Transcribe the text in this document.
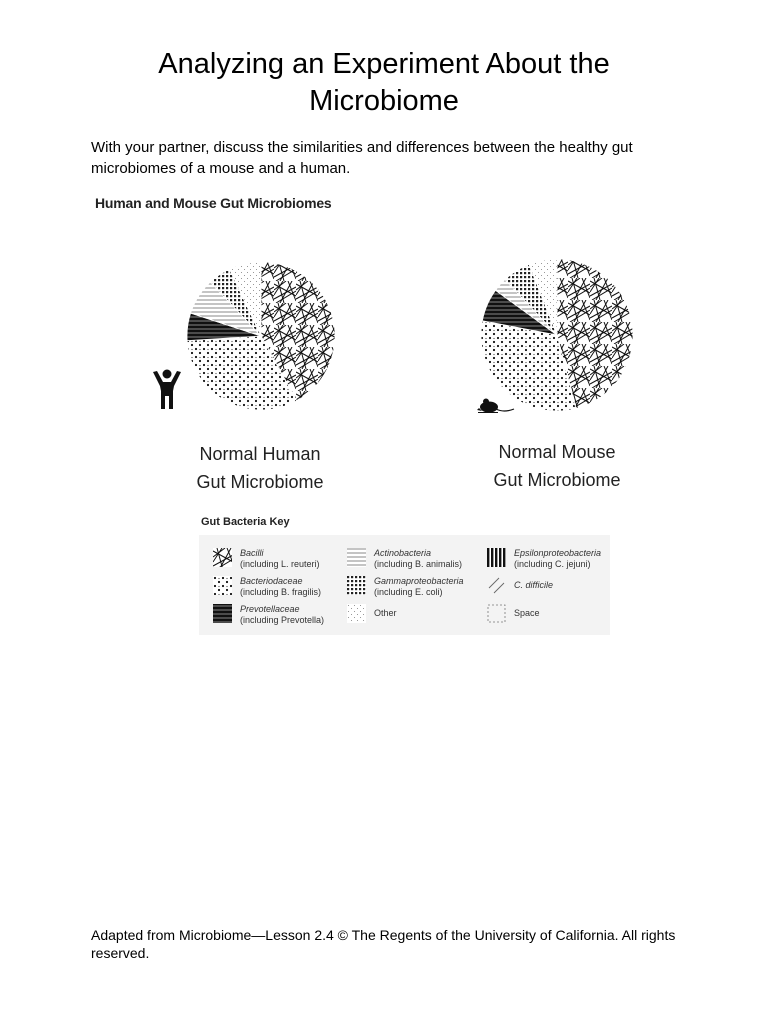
Analyzing an Experiment About the
Microbiome
With your partner, discuss the similarities and differences between the healthy gut microbiomes of a mouse and a human.
Human and Mouse Gut Microbiomes
Normal Human
Gut Microbiome
Normal Mouse
Gut Microbiome
Gut Bacteria Key
Bacilli
(including L. reuteri)
Bacteriodaceae
(including B. fragilis)
Prevotellaceae
(including Prevotella)
Actinobacteria
(including B. animalis)
Gammaproteobacteria
(including E. coli)
Other
Epsilonproteobacteria
(including C. jejuni)
C. difficile
Space
Adapted from Microbiome—Lesson 2.4 © The Regents of the University of California. All rights reserved.
